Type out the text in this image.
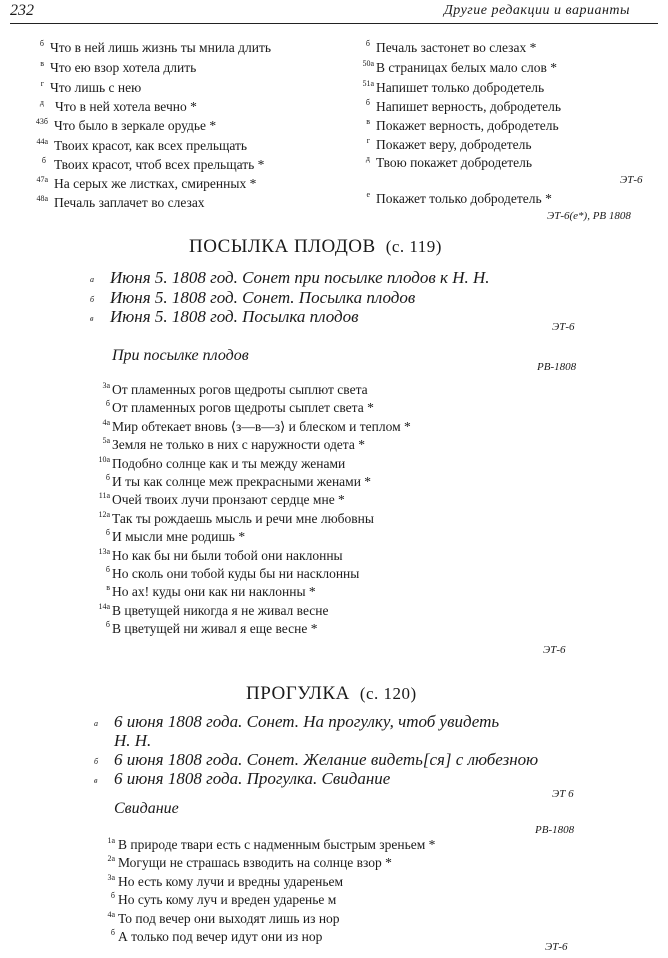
232	Другие редакции и варианты
б Что в ней лишь жизнь ты мнила длить
в Что ею взор хотела длить
г Что лишь с нею
д Что в ней хотела вечно *
43б Что было в зеркале орудье *
44а Твоих красот, как всех прельщать
б Твоих красот, чтоб всех прельщать *
47а На серых же листках, смиренных *
48а Печаль заплачет во слезах
б Печаль застонет во слезах *
50а В страницах белых мало слов *
51а Напишет только добродетель
б Напишет верность, добродетель
в Покажет верность, добродетель
г Покажет веру, добродетель
д Твою покажет добродетель
ЭТ-6
е Покажет только добродетель *
ЭТ-6(е*), РВ 1808
ПОСЫЛКА ПЛОДОВ (с. 119)
а Июня 5. 1808 год. Сонет при посылке плодов к Н. Н.
б Июня 5. 1808 год. Сонет. Посылка плодов
в Июня 5. 1808 год. Посылка плодов
ЭТ-6
При посылке плодов
РВ-1808
3а От пламенных рогов щедроты сыплют света
б От пламенных рогов щедроты сыплет света *
4а Мир обтекает вновь ⟨з—в—з⟩ и блеском и теплом *
5а Земля не только в них с наружности одета *
10а Подобно солнце как и ты между женами
б И ты как солнце меж прекрасными женами *
11а Очей твоих лучи пронзают сердце мне *
12а Так ты рождаешь мысль и речи мне любовны
б И мысли мне родишь *
13а Но как бы ни были тобой они наклонны
б Но сколь они тобой куды бы ни насклонны
в Но ах! куды они как ни наклонны *
14а В цветущей никогда я не живал весне
б В цветущей ни живал я еще весне *
ЭТ-6
ПРОГУЛКА (с. 120)
а 6 июня 1808 года. Сонет. На прогулку, чтоб увидеть
Н. Н.
б 6 июня 1808 года. Сонет. Желание видеть[ся] с любезною
в 6 июня 1808 года. Прогулка. Свидание
ЭТ 6
Свидание
РВ-1808
1а В природе твари есть с надменным быстрым зреньем *
2а Могущи не страшась взводить на солнце взор *
3а Но есть кому лучи и вредны удареньем
б Но суть кому луч и вреден ударенье м
4а То под вечер они выходят лишь из нор
б А только под вечер идут они из нор
ЭТ-6
